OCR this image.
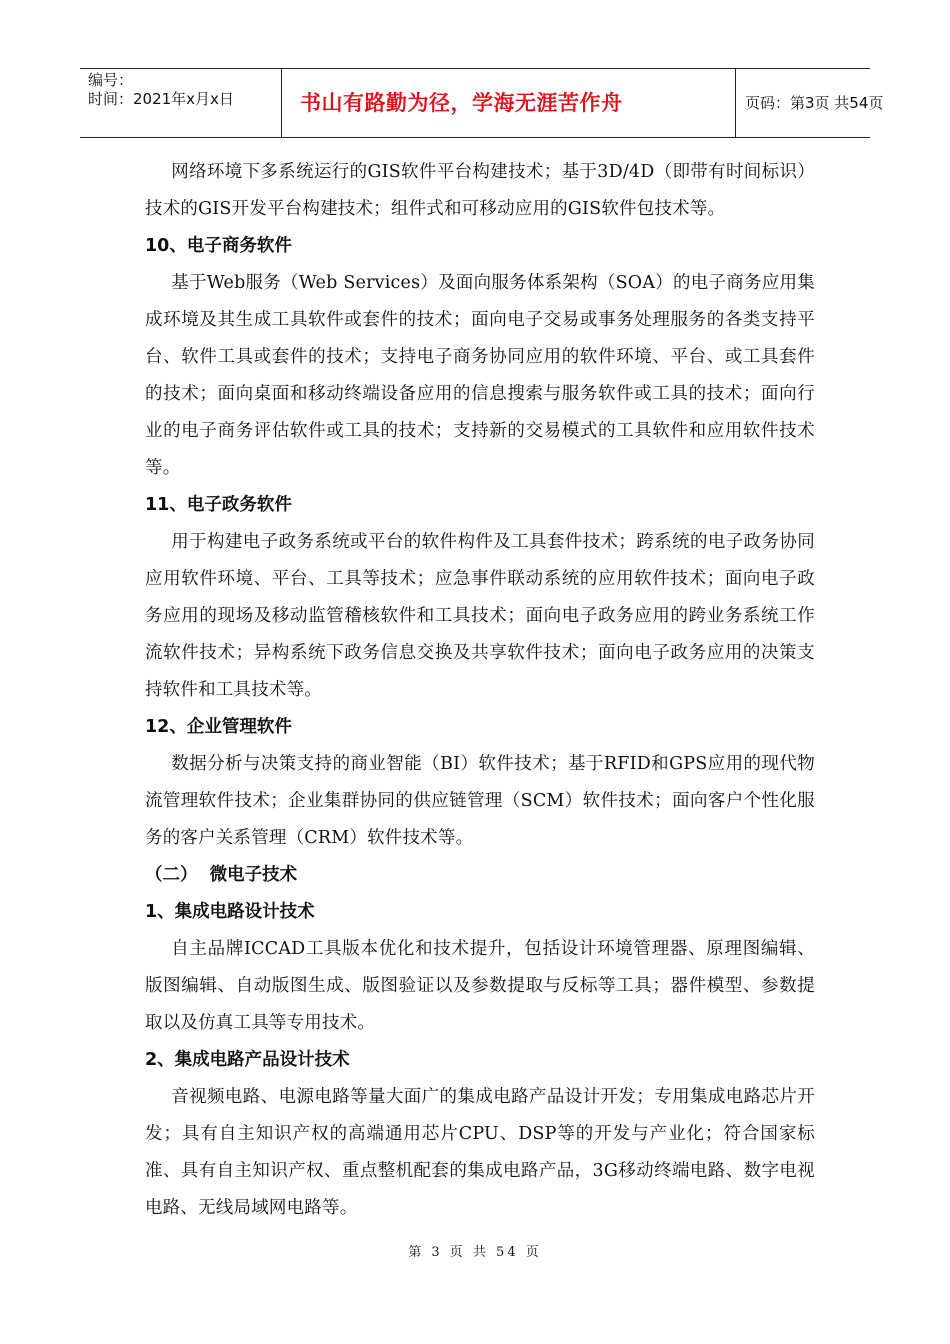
编号：
时间：2021年x月x日	书山有路勤为径，学海无涯苦作舟	页码：第3页 共54页

网络环境下多系统运行的GIS软件平台构建技术；基于3D/4D（即带有时间标识）技术的GIS开发平台构建技术；组件式和可移动应用的GIS软件包技术等。

10、电子商务软件

基于Web服务（Web Services）及面向服务体系架构（SOA）的电子商务应用集成环境及其生成工具软件或套件的技术；面向电子交易或事务处理服务的各类支持平台、软件工具或套件的技术；支持电子商务协同应用的软件环境、平台、或工具套件的技术；面向桌面和移动终端设备应用的信息搜索与服务软件或工具的技术；面向行业的电子商务评估软件或工具的技术；支持新的交易模式的工具软件和应用软件技术等。

11、电子政务软件

用于构建电子政务系统或平台的软件构件及工具套件技术；跨系统的电子政务协同应用软件环境、平台、工具等技术；应急事件联动系统的应用软件技术；面向电子政务应用的现场及移动监管稽核软件和工具技术；面向电子政务应用的跨业务系统工作流软件技术；异构系统下政务信息交换及共享软件技术；面向电子政务应用的决策支持软件和工具技术等。

12、企业管理软件

数据分析与决策支持的商业智能（BI）软件技术；基于RFID和GPS应用的现代物流管理软件技术；企业集群协同的供应链管理（SCM）软件技术；面向客户个性化服务的客户关系管理（CRM）软件技术等。

（二）  微电子技术

1、集成电路设计技术

自主品牌ICCAD工具版本优化和技术提升，包括设计环境管理器、原理图编辑、版图编辑、自动版图生成、版图验证以及参数提取与反标等工具；器件模型、参数提取以及仿真工具等专用技术。

2、集成电路产品设计技术

音视频电路、电源电路等量大面广的集成电路产品设计开发；专用集成电路芯片开发；具有自主知识产权的高端通用芯片CPU、DSP等的开发与产业化；符合国家标准、具有自主知识产权、重点整机配套的集成电路产品，3G移动终端电路、数字电视电路、无线局域网电路等。

第 3 页 共 54 页
